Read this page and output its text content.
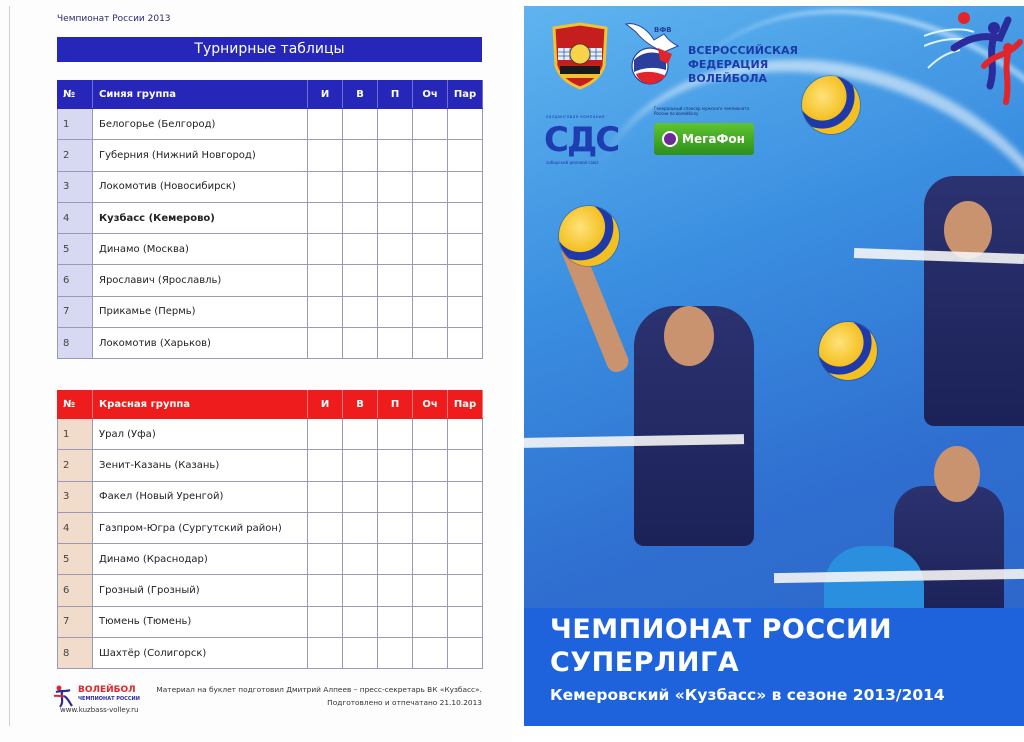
Чемпионат России 2013
Турнирные таблицы
№	Синяя группа	И	В	П	Оч	Пар
1	Белогорье (Белгород)					
2	Губерния (Нижний Новгород)					
3	Локомотив (Новосибирск)					
4	Кузбасс (Кемерово)					
5	Динамо (Москва)					
6	Ярославич (Ярославль)					
7	Прикамье (Пермь)					
8	Локомотив (Харьков)					
№	Красная группа	И	В	П	Оч	Пар
1	Урал (Уфа)					
2	Зенит-Казань (Казань)					
3	Факел (Новый Уренгой)					
4	Газпром-Югра (Сургутский район)					
5	Динамо (Краснодар)					
6	Грозный (Грозный)					
7	Тюмень (Тюмень)					
8	Шахтёр (Солигорск)					
ВОЛЕЙБОЛ
ЧЕМПИОНАТ РОССИИ
www.kuzbass-volley.ru
Материал на буклет подготовил Дмитрий Алпеев – пресс-секретарь ВК «Кузбасс».
Подготовлено и отпечатано 21.10.2013
ВФВ
ВСЕРОССИЙСКАЯ
ФЕДЕРАЦИЯ
ВОЛЕЙБОЛА
холдинговая компания
СДС
сибирский деловой союз
Генеральный спонсор мужского чемпионата России по волейболу
МегаФон
ЧЕМПИОНАТ РОССИИ
СУПЕРЛИГА
Кемеровский «Кузбасс» в сезоне 2013/2014
